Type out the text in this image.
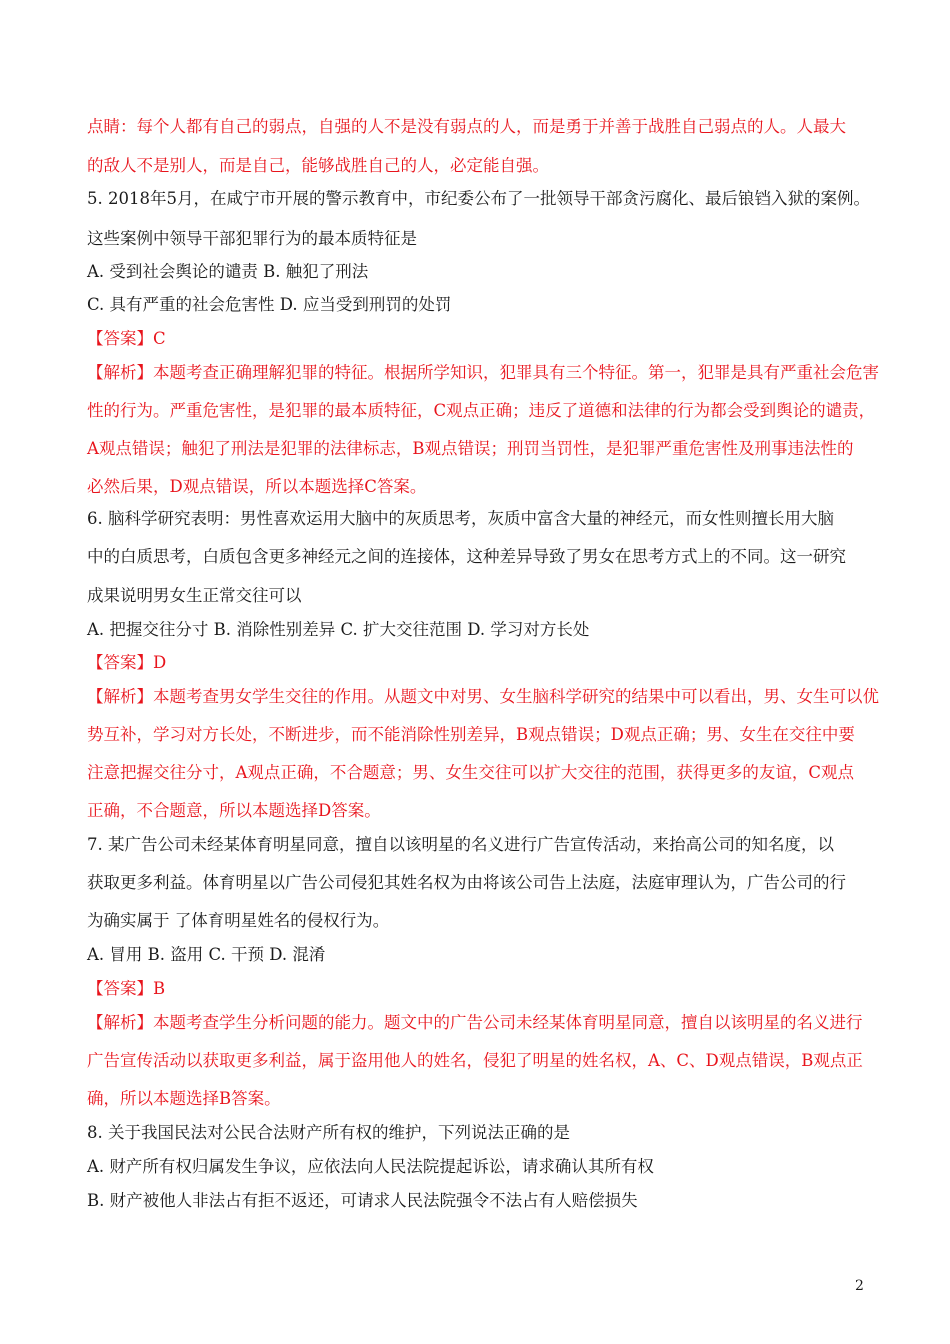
点睛：每个人都有自己的弱点，自强的人不是没有弱点的人，而是勇于并善于战胜自己弱点的人。人最大
的敌人不是别人，而是自己，能够战胜自己的人，必定能自强。
5. 2018年5月，在咸宁市开展的警示教育中，市纪委公布了一批领导干部贪污腐化、最后锒铛入狱的案例。
这些案例中领导干部犯罪行为的最本质特征是
A. 受到社会舆论的谴责 B. 触犯了刑法
C. 具有严重的社会危害性 D. 应当受到刑罚的处罚
【答案】C
【解析】本题考查正确理解犯罪的特征。根据所学知识，犯罪具有三个特征。第一，犯罪是具有严重社会危害
性的行为。严重危害性，是犯罪的最本质特征，C观点正确；违反了道德和法律的行为都会受到舆论的谴责，
A观点错误；触犯了刑法是犯罪的法律标志，B观点错误；刑罚当罚性，是犯罪严重危害性及刑事违法性的
必然后果，D观点错误，所以本题选择C答案。
6. 脑科学研究表明：男性喜欢运用大脑中的灰质思考，灰质中富含大量的神经元，而女性则擅长用大脑
中的白质思考，白质包含更多神经元之间的连接体，这种差异导致了男女在思考方式上的不同。这一研究
成果说明男女生正常交往可以
A. 把握交往分寸 B. 消除性别差异 C. 扩大交往范围 D. 学习对方长处
【答案】D
【解析】本题考查男女学生交往的作用。从题文中对男、女生脑科学研究的结果中可以看出，男、女生可以优
势互补，学习对方长处，不断进步，而不能消除性别差异，B观点错误；D观点正确；男、女生在交往中要
注意把握交往分寸，A观点正确，不合题意；男、女生交往可以扩大交往的范围，获得更多的友谊，C观点
正确，不合题意，所以本题选择D答案。
7. 某广告公司未经某体育明星同意，擅自以该明星的名义进行广告宣传活动，来抬高公司的知名度，以
获取更多利益。体育明星以广告公司侵犯其姓名权为由将该公司告上法庭，法庭审理认为，广告公司的行
为确实属于 了体育明星姓名的侵权行为。
A. 冒用 B. 盗用 C. 干预 D. 混淆
【答案】B
【解析】本题考查学生分析问题的能力。题文中的广告公司未经某体育明星同意，擅自以该明星的名义进行
广告宣传活动以获取更多利益，属于盗用他人的姓名，侵犯了明星的姓名权，A、C、D观点错误，B观点正
确，所以本题选择B答案。
8. 关于我国民法对公民合法财产所有权的维护，下列说法正确的是
A. 财产所有权归属发生争议，应依法向人民法院提起诉讼，请求确认其所有权
B. 财产被他人非法占有拒不返还，可请求人民法院强令不法占有人赔偿损失
2
